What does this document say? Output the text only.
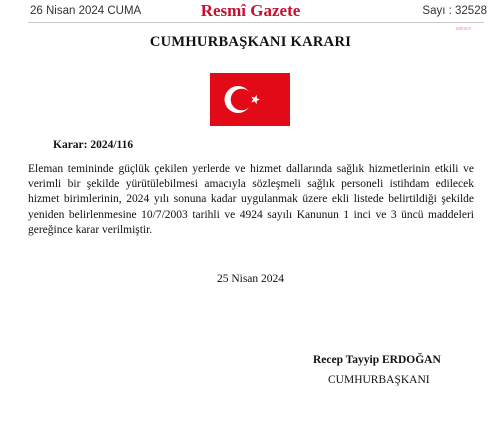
26 Nisan 2024 CUMA	Resmî Gazete	Sayı : 32528
ankara
CUMHURBAŞKANI KARARI
Karar: 2024/116
Eleman temininde güçlük çekilen yerlerde ve hizmet dallarında sağlık hizmetlerinin etkili ve verimli bir şekilde yürütülebilmesi amacıyla sözleşmeli sağlık personeli istihdam edilecek hizmet birimlerinin, 2024 yılı sonuna kadar uygulanmak üzere ekli listede belirtildiği şekilde yeniden belirlenmesine 10/7/2003 tarihli ve 4924 sayılı Kanunun 1 inci ve 3 üncü maddeleri gereğince karar verilmiştir.
25 Nisan 2024
Recep Tayyip ERDOĞAN
CUMHURBAŞKANI
